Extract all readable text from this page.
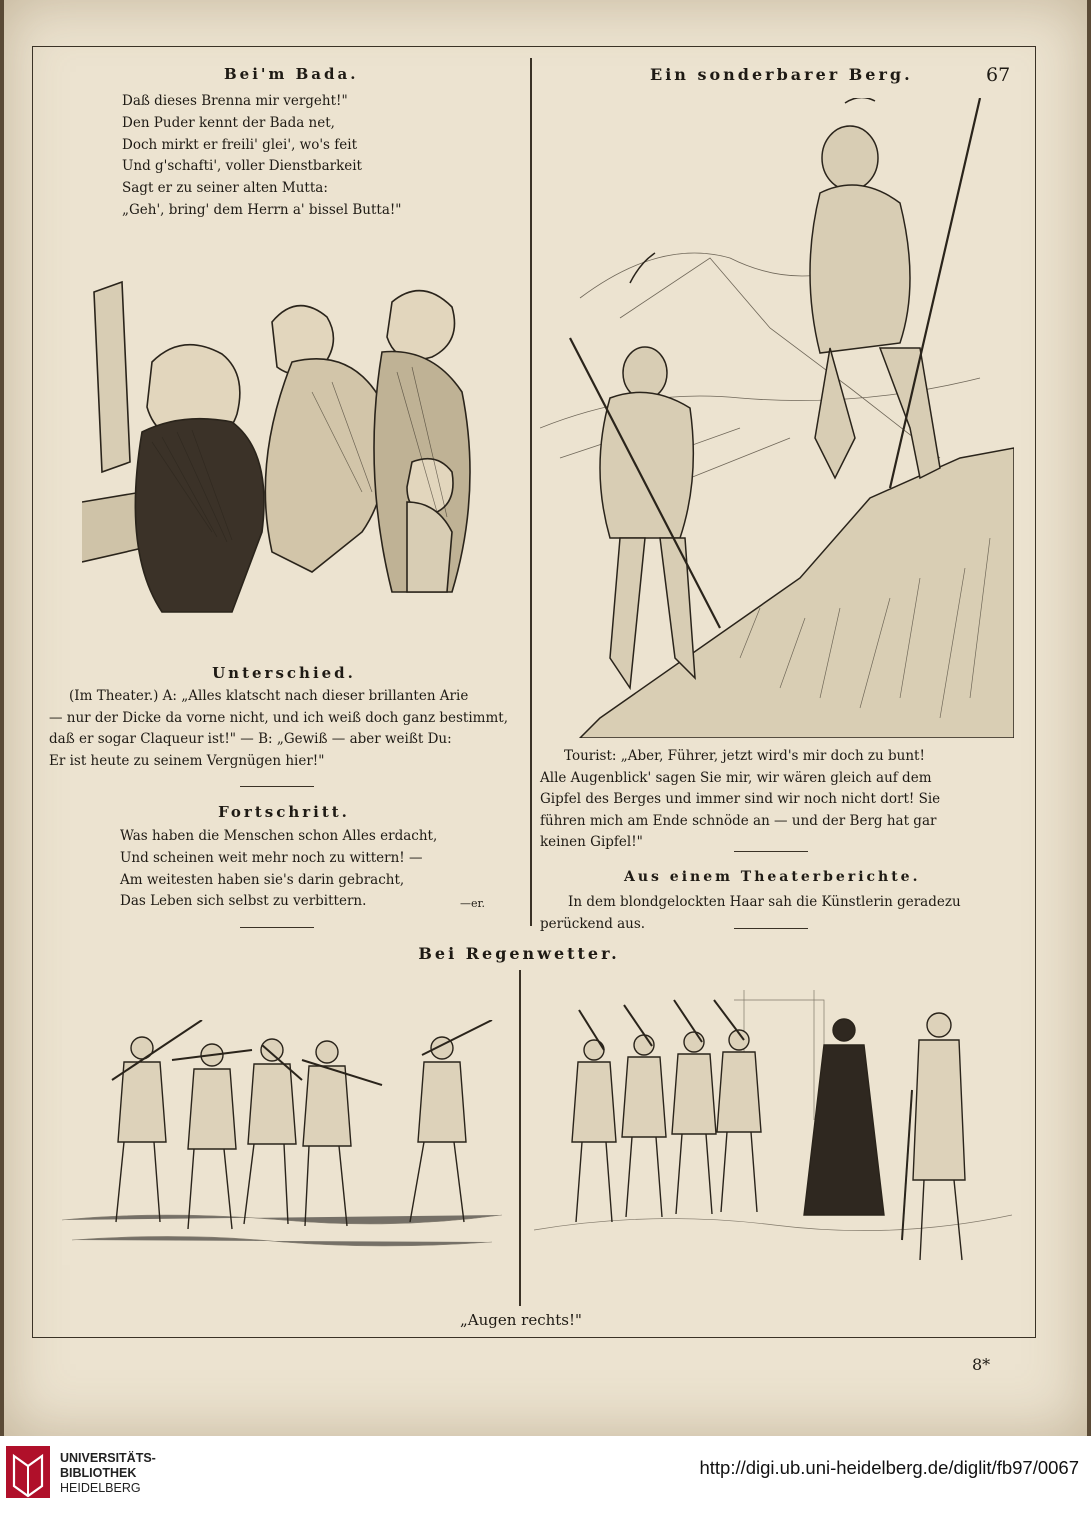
Bei'm Bada.
Daß dieses Brenna mir vergeht!"
Den Puder kennt der Bada net,
Doch mirkt er freili' glei', wo's feit
Und g'schafti', voller Dienstbarkeit
Sagt er zu seiner alten Mutta:
„Geh', bring' dem Herrn a' bissel Butta!"
Unterschied.
(Im Theater.) A: „Alles klatscht nach dieser brillanten Arie
— nur der Dicke da vorne nicht, und ich weiß doch ganz bestimmt,
daß er sogar Claqueur ist!" — B: „Gewiß — aber weißt Du:
Er ist heute zu seinem Vergnügen hier!"
Fortschritt.
Was haben die Menschen schon Alles erdacht,
Und scheinen weit mehr noch zu wittern! —
Am weitesten haben sie's darin gebracht,
Das Leben sich selbst zu verbittern.	—er.
Ein sonderbarer Berg.	67
Tourist: „Aber, Führer, jetzt wird's mir doch zu bunt!
Alle Augenblick' sagen Sie mir, wir wären gleich auf dem
Gipfel des Berges und immer sind wir noch nicht dort! Sie
führen mich am Ende schnöde an — und der Berg hat gar
keinen Gipfel!"
Aus einem Theaterberichte.
In dem blondgelockten Haar sah die Künstlerin geradezu
perückend aus.
Bei Regenwetter.
„Augen rechts!"
8*
UNIVERSITÄTS-
BIBLIOTHEK
HEIDELBERG
http://digi.ub.uni-heidelberg.de/diglit/fb97/0067
